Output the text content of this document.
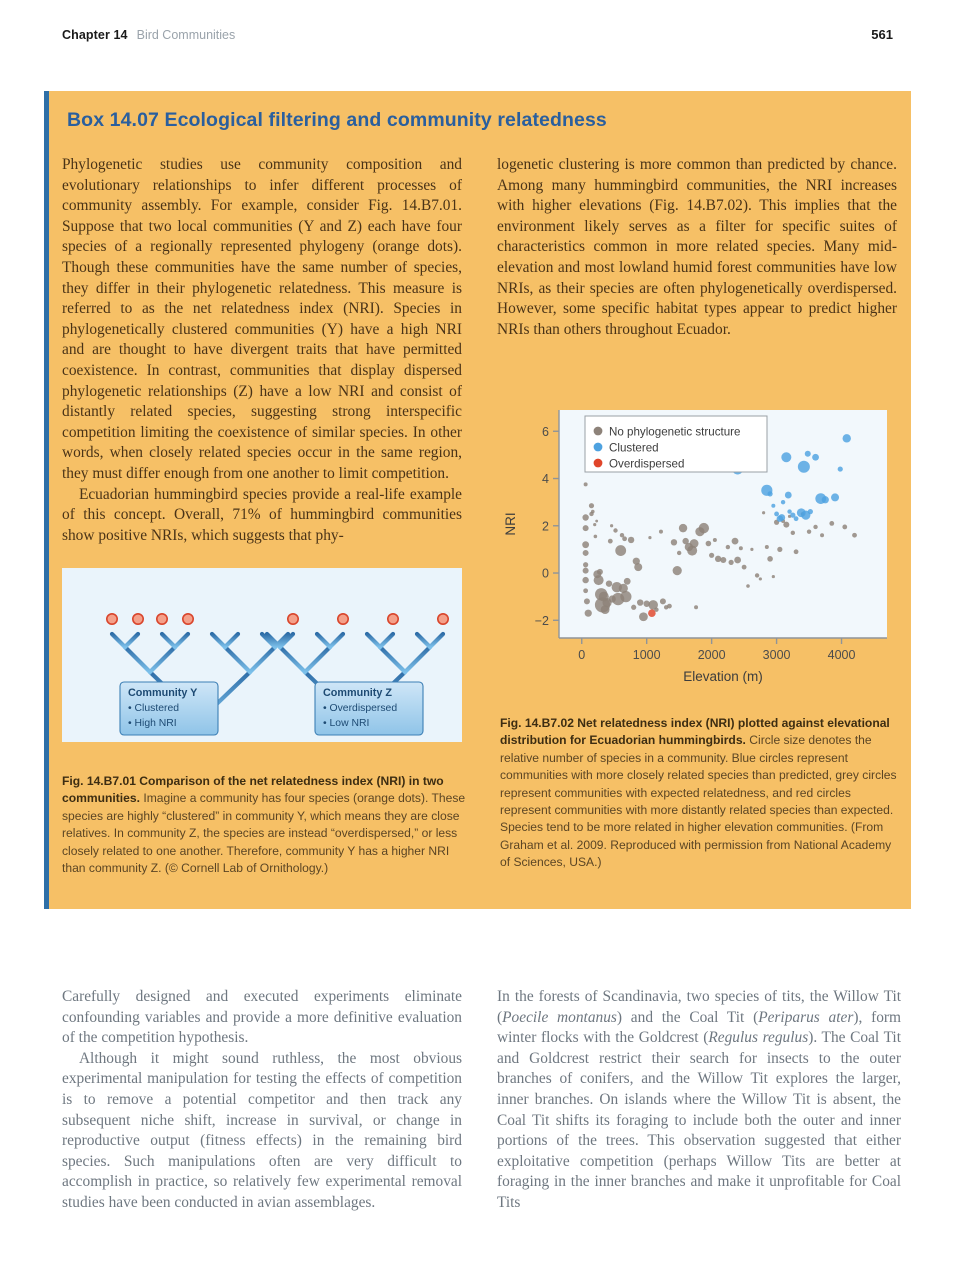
Chapter 14 Bird Communities	561
Box 14.07 Ecological filtering and community relatedness

Phylogenetic studies use community composition and evolutionary relationships to infer different processes of community assembly. For example, consider Fig. 14.B7.01. Suppose that two local communities (Y and Z) each have four species of a regionally represented phylogeny (orange dots). Though these communities have the same number of species, they differ in their phylogenetic relatedness. This measure is referred to as the net relatedness index (NRI). Species in phylogenetically clustered communities (Y) have a high NRI and are thought to have divergent traits that have permitted coexistence. In contrast, communities that display dispersed phylogenetic relationships (Z) have a low NRI and consist of distantly related species, suggesting strong interspecific competition limiting the coexistence of similar species. In other words, when closely related species occur in the same region, they must differ enough from one another to limit competition.

Ecuadorian hummingbird species provide a real-life example of this concept. Overall, 71% of hummingbird communities show positive NRIs, which suggests that phy-

logenetic clustering is more common than predicted by chance. Among many hummingbird communities, the NRI increases with higher elevations (Fig. 14.B7.02). This implies that the environment likely serves as a filter for specific suites of characteristics common in more related species. Many mid-elevation and most lowland humid forest communities have low NRIs, as their species are often phylogenetically overdispersed. However, some specific habitat types appear to predict higher NRIs than others throughout Ecuador.

Community Y
• Clustered
• High NRI
Community Z
• Overdispersed
• Low NRI
Fig. 14.B7.01 Comparison of the net relatedness index (NRI) in two communities. Imagine a community has four species (orange dots). These species are highly “clustered” in community Y, which means they are close relatives. In community Z, the species are instead “overdispersed,” or less closely related to one another. Therefore, community Y has a higher NRI than community Z. (© Cornell Lab of Ornithology.)
−2
0
2
4
6
0	1000	2000	3000	4000
Elevation (m)
NRI
No phylogenetic structure
Clustered
Overdispersed
Fig. 14.B7.02 Net relatedness index (NRI) plotted against elevational distribution for Ecuadorian hummingbirds. Circle size denotes the relative number of species in a community. Blue circles represent communities with more closely related species than predicted, grey circles represent communities with expected relatedness, and red circles represent communities with more distantly related species than expected. Species tend to be more related in higher elevation communities. (From Graham et al. 2009. Reproduced with permission from National Academy of Sciences, USA.)

Carefully designed and executed experiments eliminate confounding variables and provide a more definitive evaluation of the competition hypothesis.

Although it might sound ruthless, the most obvious experimental manipulation for testing the effects of competition is to remove a potential competitor and then track any subsequent niche shift, increase in survival, or change in reproductive output (fitness effects) in the remaining bird species. Such manipulations often are very difficult to accomplish in practice, so relatively few experimental removal studies have been conducted in avian assemblages.

In the forests of Scandinavia, two species of tits, the Willow Tit (Poecile montanus) and the Coal Tit (Periparus ater), form winter flocks with the Goldcrest (Regulus regulus). The Coal Tit and Goldcrest restrict their search for insects to the outer branches of conifers, and the Willow Tit explores the larger, inner branches. On islands where the Willow Tit is absent, the Coal Tit shifts its foraging to include both the outer and inner portions of the trees. This observation suggested that either exploitative competition (perhaps Willow Tits are better at foraging in the inner branches and make it unprofitable for Coal Tits
